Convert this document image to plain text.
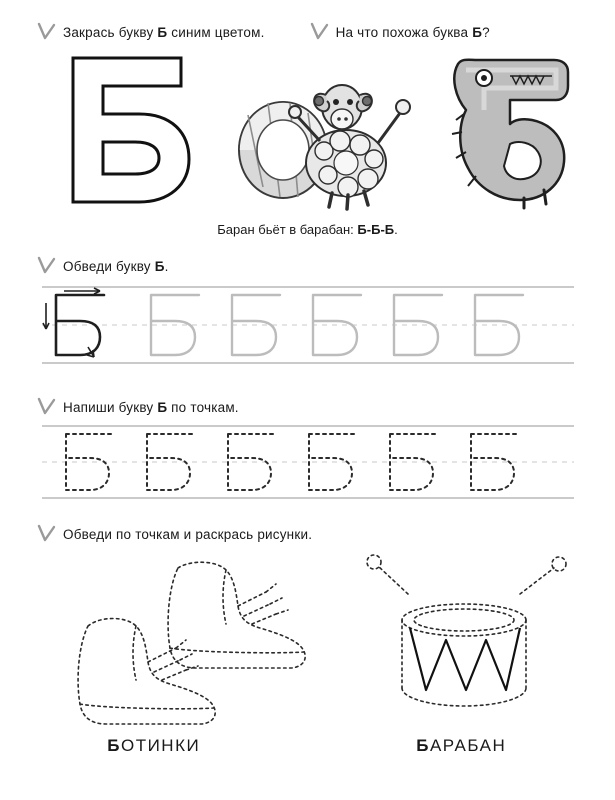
Закрась букву Б синим цветом.	На что похожа буква Б?
Баран бьёт в барабан: Б-Б-Б.
Обведи букву Б.
Напиши букву Б по точкам.
Обведи по точкам и раскрась рисунки.
БОТИНКИ	БАРАБАН
